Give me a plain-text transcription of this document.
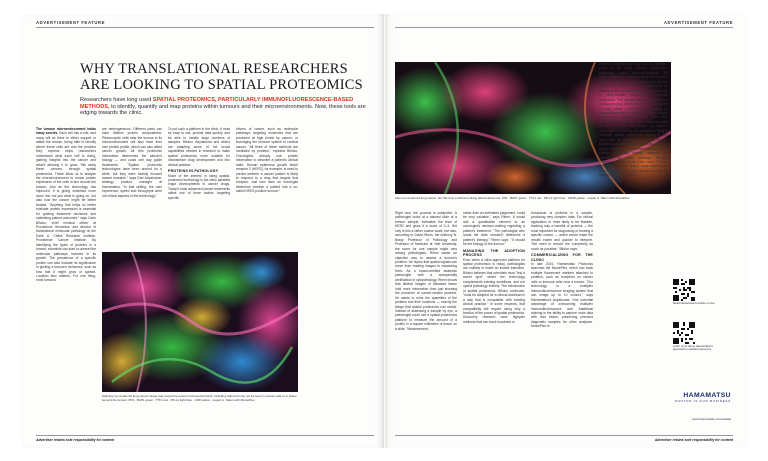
ADVERTISEMENT FEATURE
WHY TRANSLATIONAL RESEARCHERS ARE LOOKING TO SPATIAL PROTEOMICS

Researchers have long used SPATIAL PROTEOMICS, PARTICULARLY IMMUNOFLUORESCENCE-BASED METHODS, to identify, quantify and map proteins within tumours and their microenvironments. Now, these tools are edging towards the clinic.

The tumour microenvironment holds many secrets. Each cell has a role, and many will be there to either support or attack the tumour, being able to identify where these cells are and the proteins they express helps researchers understand what each cell is doing, gaining insights into the cancer and what's allowing it to grow. "We study these cancers through spatial proteomics. These allow us to analyse the microenvironment to reveal protein expression of the cells in and around the tumour. And as the technology has improved, it is giving scientists more clues into not just what is going on, but also how the cancer might be better treated. "Anything that helps us better evaluate protein expression is essential for guiding treatment decisions and optimising patient outcomes," says Carlo Bifulco, chief medical officer at Providence Genomics, and director of translational molecular pathology at the Earle A. Chiles Research Institute, Providence Cancer Institute. By identifying the types of proteins in a tumour, scientists can start to unravel the molecular pathways involved in its growth. The prevalence of a specific protein can also indicate its significance in guiding a tumour's behaviour, such as how fast it might grow or spread. Location also matters. For one thing, most tumours
are heterogeneous. Different parts can have distinct protein compositions. Pleiomorphic cells near the tumour in its microenvironment will also have their own protein profile, which can also affect cancer growth. All this proteomic information determines the cancer's biology — and could one day guide treatments. "Spatial proteomic technologies have been around for a while, but they were heavily focused toward research," says Dan Ariyakumar, strategy product manager at Hamamatsu. "In that setting, the user experience, speed and throughput were not critical aspects of the technology."
To put such a platform in the clinic, it must be easy to use, provide data quickly, and be able to handle large numbers of samples. Bifulco, Ariyakumar and others are adapting some of the broad capabilities needed in research to make spatial proteomics more suitable for downstream drug development and into clinical practice.
PROTEINS IN PATHOLOGY
Much of the interest in using spatial-proteomic technology in the clinic parallels major developments in cancer drugs. Today's most advanced cancer treatments utilise one of three tactics: targeting specific
drivers of cancer, such as molecular pathways; targeting molecules that are produced at high levels by cancer; or leveraging the immune system to combat cancer. "All three of these methods are mediated by proteins," explains Bifulco. Oncologists already use protein information to describe a patient's clinical state. Human epidermal growth factor receptor 2 (HER2), for example, is used to predict whether a cancer patient is likely to respond to a drug that targets that receptor. Just how does an oncologist determine whether a patient has a so-called HER2-positive tumour?
Staining non-small cell lung cancer tissue may reveal the tumour microenvironment, including cells that may not be seen in cancer cells or in tissue beyond the tumour. PhS · BAP1 green · TTF1 red · PD-L1 light blue · CD8 yellow · napsin A. Taken with MoxiePlex.
Advertiser retains sole responsibility for content
ADVERTISEMENT FEATURE
Also non-small cell lung cancer, but this time a distinct looking adenocarcinoma. PhS · BAP1 green · TTF1 red · PD-L1 light blue · CD68 yellow · napsin A. Taken with MoxiePlex.
Right now, the process is subjective. A pathologist looks at a stained slide of a tumour sample, estimates the level of HER2 and gives it a score of 0–3. Not only is this a rather coarse scale, but also, according to David Rimm, the Anthony N. Brady Professor of Pathology and Professor of Medicine at Yale University, the score for one sample might vary among pathologists. Rimm wants an objective way to assess a tumour's proteins. He hopes that spatial signals can move from reading images to measuring them. As a board-certified anatomic pathologist with a subspecialty certification in cytopathology, Rimm knows that distinct images of diseased tissue hold more information than just showing the presence of cancer-related proteins. He wants to mine the quantities of the proteins and their locations — exactly the things that spatial proteomics can reveal. Instead of assessing a sample by eye, a pathologist could use a spatial-proteomics platform to measure the amount of a protein in a square millimetre of tissue on a slide. "Measurement,
rather than an estimated judgement, could be very valuable," says Rimm. It would add a quantitative element to an oncologist's decision-making regarding a patient's treatment. "The pathologist who reads the slide shouldn't determine a patient's therapy," Rimm says. "It should be the biology of the tumour."
MANAGING THE ADOPTION PROCESS
Even when a clinic-approved platform for spatial proteomics is ready, pathologists are unlikely to make an instant transition. Bifulco believes that scientists must "find a sweet spot" where the technology complements existing workflows, and not upend pathology entirely. The introduction of spatial proteomics, Bifulco continues, "must be adopted for a clinical workload in a way that is compatible with existing clinical practice." In some respects, that compatibility will require using only a fraction of the power of spatial proteomics. Discovery research uses highplex methods that can track hundreds or
thousands of proteins in a sample, producing very complex data. For clinical application to more likely to be feasible, tracking only a handful of proteins — the most important for diagnosing or treating a specific cancer — which would make the results easier and quicker to interpret. "We need to reduce the complexity as much as possible," Bifulco says.
COMMERCIALIZING FOR THE CLINIC
In late 2024, Hamamatsu Photonics launched the MoxiePlex, which can track multiple fluorescent markers attached to proteins, such as receptors on cancer cells or immune cells near a tumour. "Our technology is a multiplex immunofluorescence imaging system that can image up to 10 colours," says Hamamatsu's Ariyakumar. One potential advantage of overcoming multiplex immunofluorescence over traditional staining is the ability to capture more data with less tissue, preserving precious diagnostic samples for other analyses. MoxiePlex is
currently research-use only, but its qualities prime it for wider clinical application, particularly around immuno-oncology, "In these treatments, understanding the immune system is critical, and our instrument will be focused on that," he says. Hamamatsu is making progress towards its goal of producing a clinic-capable platform for spatial proteomics. The ultimate aim is a product that is plug-and-play, which will make it accessible to more users — even without training in immunofluorescence imaging. "We're aiming to reach that," Ariyakumar says. "Even now, we can make a platform that is relatively easy to use, but we can always do better." Hamamatsu is working with partners to bring a complete spatial proteomics solution to the clinic, both the platform and reagent kits for specific applications, such as certain kinds of cancer. Realizing the beneficial applications of spatial proteomics, though, depends on following the best pathway through understanding the needs of the users. "It's not a race to get there faster," says Ariyakumar. "It's the race to do it right, and it's the race to actually make an impact."
Read Hamamatsu's article on line
Learn more about Hamamatsu's approach to spatial proteomics
HAMAMATSU
PHOTON IS OUR BUSINESS
www.hamamatsu.com/spatial
Advertiser retains sole responsibility for content
